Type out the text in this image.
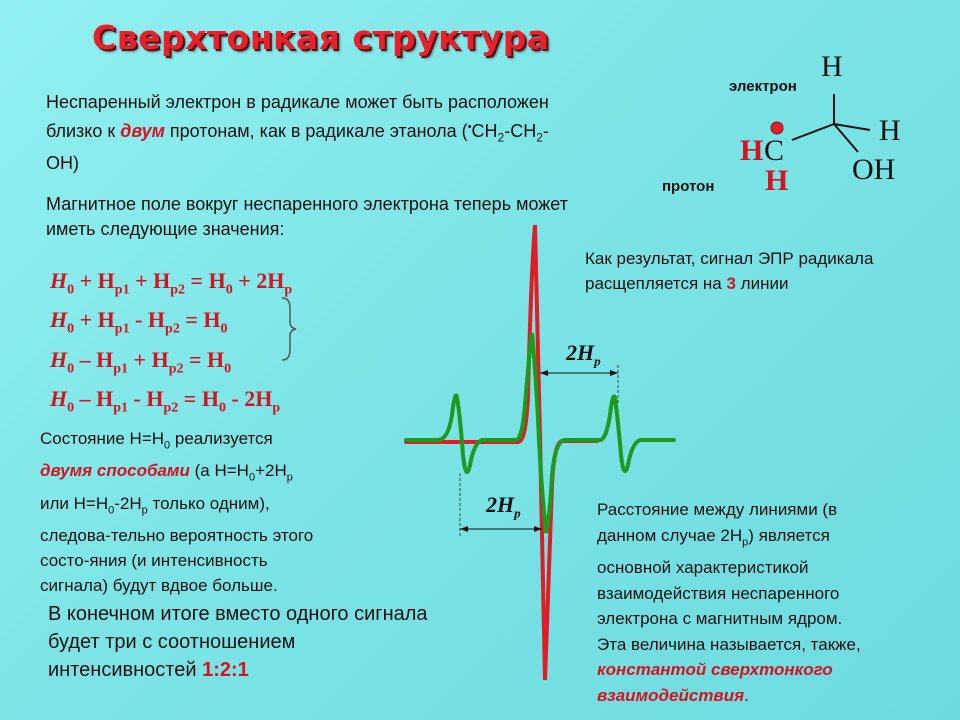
Сверхтонкая структура
Неспаренный электрон в радикале может быть расположен близко к двум протонам, как в радикале этанола $(^•CH_2-CH_2-OH)$
Магнитное поле вокруг неспаренного электрона теперь может иметь следующие значения:
$H_0 + H_{p1} + H_{p2} = H_0 + 2H_p$
$H_0 + H_{p1} - H_{p2} = H_0$
$H_0 - H_{p1} + H_{p2} = H_0$
$H_0 - H_{p1} - H_{p2} = H_0 - 2H_p$
Состояние $H=H_0$ реализуется
двумя способами (а $H=H_0+2H_p$
или $H=H_0-2H_p$ только одним),
следова-тельно вероятность этого
состо-яния (и интенсивность
сигнала) будут вдвое больше.
В конечном итоге вместо одного сигнала будет три с соотношением интенсивностей 1:2:1
Как результат, сигнал ЭПР радикала расщепляется на 3 линии
Расстояние между линиями (в
данном случае $2H_p$) является
основной характеристикой
взаимодействия неспаренного
электрона с магнитным ядром.
Эта величина называется, также,
константой сверхтонкого
взаимодействия.
электрон
протон
H
H
OH
H C
H
$2H_p$
$2H_p$
